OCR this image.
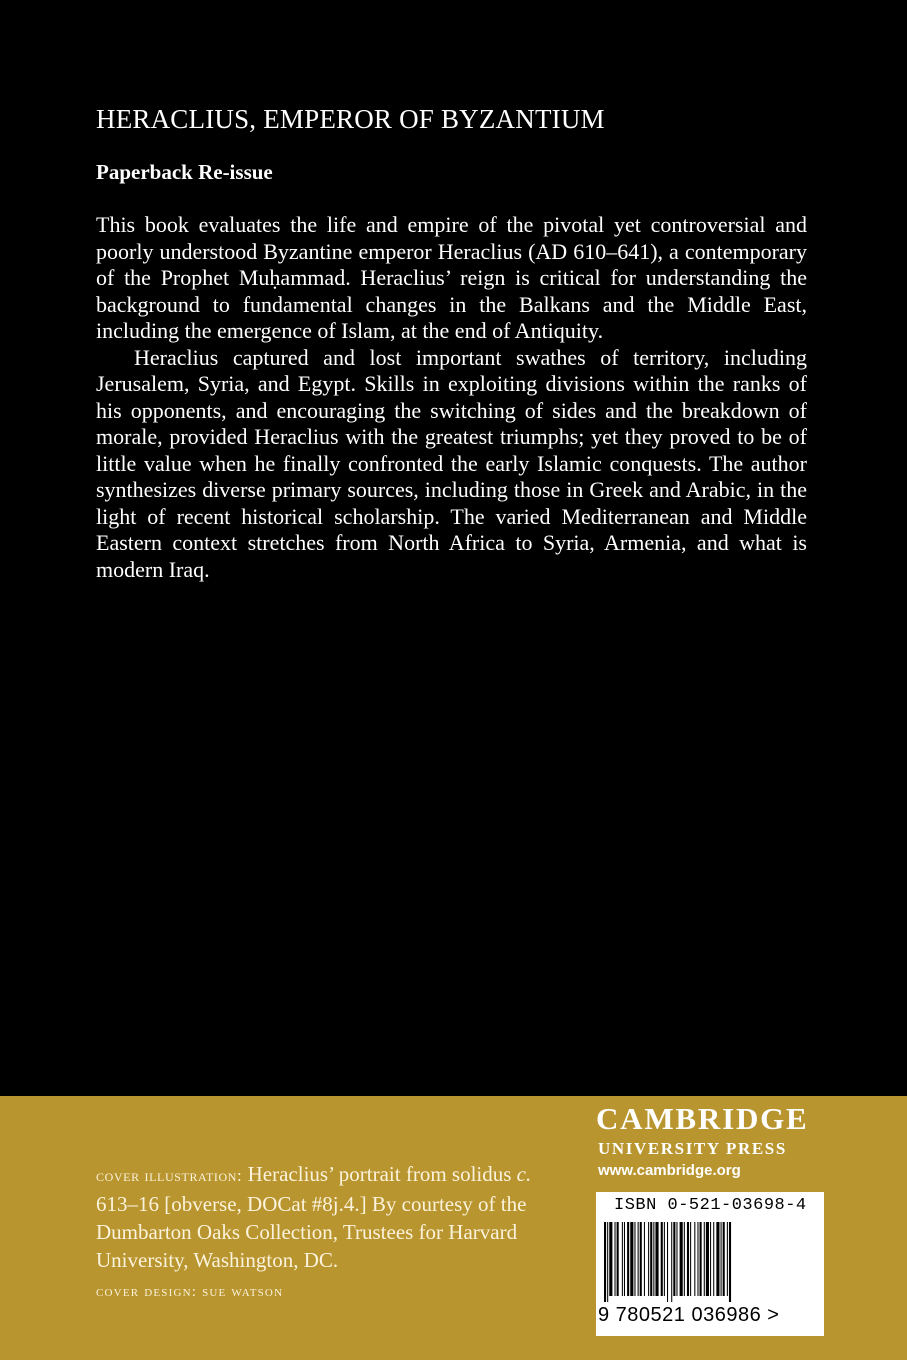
HERACLIUS, EMPEROR OF BYZANTIUM
Paperback Re-issue

This book evaluates the life and empire of the pivotal yet controversial and poorly understood Byzantine emperor Heraclius (AD 610–641), a contemporary of the Prophet Muḥammad. Heraclius’ reign is critical for understanding the background to fundamental changes in the Balkans and the Middle East, including the emergence of Islam, at the end of Antiquity.

Heraclius captured and lost important swathes of territory, including Jerusalem, Syria, and Egypt. Skills in exploiting divisions within the ranks of his opponents, and encouraging the switching of sides and the breakdown of morale, provided Heraclius with the greatest triumphs; yet they proved to be of little value when he finally confronted the early Islamic conquests. The author synthesizes diverse primary sources, including those in Greek and Arabic, in the light of recent historical scholarship. The varied Mediterranean and Middle Eastern context stretches from North Africa to Syria, Armenia, and what is modern Iraq.

cover illustration: Heraclius’ portrait from solidus c. 613–16 [obverse, DOCat #8j.4.] By courtesy of the Dumbarton Oaks Collection, Trustees for Harvard University, Washington, DC.
cover design: sue watson
CAMBRIDGE
UNIVERSITY PRESS
www.cambridge.org
ISBN 0-521-03698-4
9 780521 036986 >
